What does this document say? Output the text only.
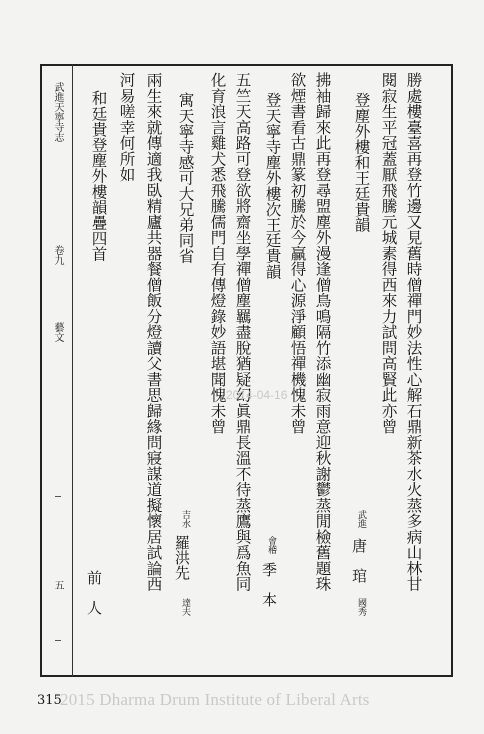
武進天寧寺志
卷九
藝文
五	勝處樓臺喜再登竹邊又見舊時僧禪門妙法性心解石鼎新茶水火蒸多病山林甘
閱寂生平冠蓋厭飛騰元城素得西來力試問高賢此亦曾
登塵外樓和王廷貴韻
武進
唐　琯
國秀
拂袖歸來此再登尋盟塵外漫逢僧鳥鳴隔竹添幽寂雨意迎秋謝鬱蒸閒檢舊題珠
欲煙書看古鼎篆初騰於今贏得心源淨顧悟禪機愧未曾
登天寧寺塵外樓次王廷貴韻
會稽
季　本
五竺天高路可登欲將齋坐學禪僧塵羈盡脫猶疑幻眞鼎長溫不待蒸鷹與爲魚同
化育浪言雞犬悉飛騰儒門自有傳燈錄妙語堪聞愧未曾
寓天寧寺感可大兄弟同省
吉水
羅洪先
達夫
兩生來就傳適我臥精廬共器餐僧飯分燈讀父書思歸緣問寢謀道擬懷居試論西
河易嗟幸何所如
和廷貴登塵外樓韻疊四首
前　人
2014-04-16
315
2015 Dharma Drum Institute of Liberal Arts
